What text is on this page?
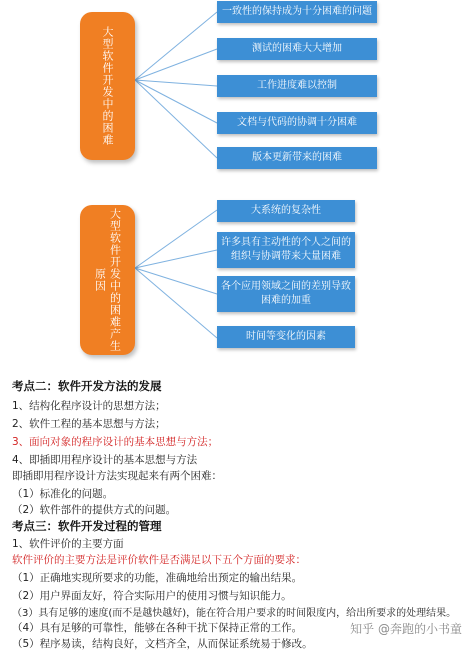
大型软件开发中的困难
一致性的保持成为十分困难的问题
测试的困难大大增加
工作进度难以控制
文档与代码的协调十分困难
版本更新带来的困难
大型软件开发中的困难产生原因
大系统的复杂性
许多具有主动性的个人之间的组织与协调带来大量困难
各个应用领域之间的差别导致困难的加重
时间等变化的因素
考点二：软件开发方法的发展
1、结构化程序设计的思想方法；
2、软件工程的基本思想与方法；
3、面向对象的程序设计的基本思想与方法；
4、即插即用程序设计的基本思想与方法
即插即用程序设计方法实现起来有两个困难：
（1）标准化的问题。
（2）软件部件的提供方式的问题。
考点三：软件开发过程的管理
1、软件评价的主要方面
软件评价的主要方法是评价软件是否满足以下五个方面的要求：
（1）正确地实现所要求的功能，准确地给出预定的输出结果。
（2）用户界面友好，符合实际用户的使用习惯与知识能力。
（3）具有足够的速度(而不是越快越好)，能在符合用户要求的时间限度内，给出所要求的处理结果。
（4）具有足够的可靠性，能够在各种干扰下保持正常的工作。
（5）程序易读，结构良好，文档齐全，从而保证系统易于修改。
知乎 @奔跑的小书童
